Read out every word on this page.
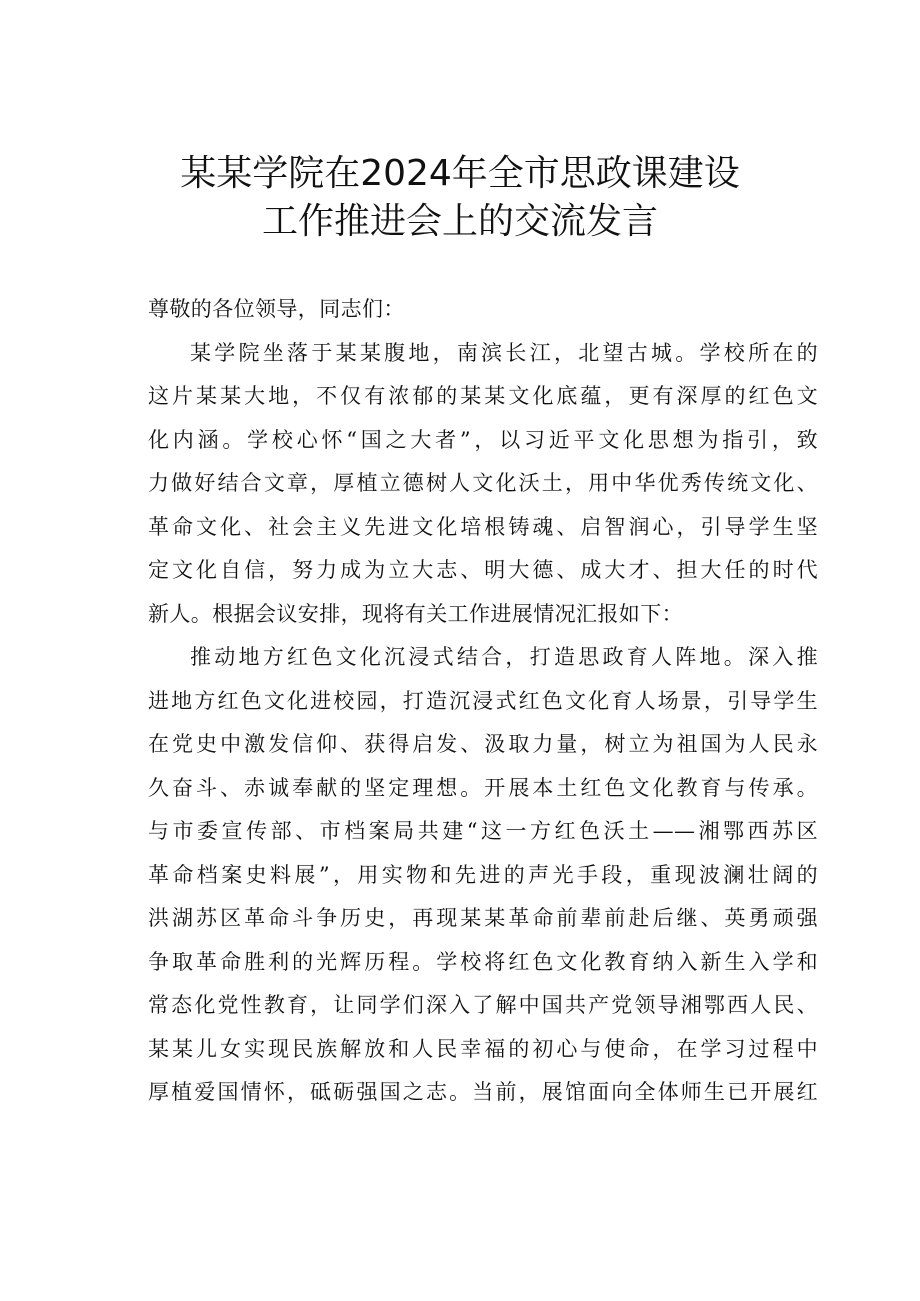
某某学院在2024年全市思政课建设
工作推进会上的交流发言
尊敬的各位领导，同志们：
某学院坐落于某某腹地，南滨长江，北望古城。学校所在的
这片某某大地，不仅有浓郁的某某文化底蕴，更有深厚的红色文
化内涵。学校心怀“国之大者”，以习近平文化思想为指引，致
力做好结合文章，厚植立德树人文化沃土，用中华优秀传统文化、
革命文化、社会主义先进文化培根铸魂、启智润心，引导学生坚
定文化自信，努力成为立大志、明大德、成大才、担大任的时代
新人。根据会议安排，现将有关工作进展情况汇报如下：
推动地方红色文化沉浸式结合，打造思政育人阵地。深入推
进地方红色文化进校园，打造沉浸式红色文化育人场景，引导学生
在党史中激发信仰、获得启发、汲取力量，树立为祖国为人民永
久奋斗、赤诚奉献的坚定理想。开展本土红色文化教育与传承。
与市委宣传部、市档案局共建“这一方红色沃土——湘鄂西苏区
革命档案史料展”，用实物和先进的声光手段，重现波澜壮阔的
洪湖苏区革命斗争历史，再现某某革命前辈前赴后继、英勇顽强
争取革命胜利的光辉历程。学校将红色文化教育纳入新生入学和
常态化党性教育，让同学们深入了解中国共产党领导湘鄂西人民、
某某儿女实现民族解放和人民幸福的初心与使命，在学习过程中
厚植爱国情怀，砥砺强国之志。当前，展馆面向全体师生已开展红
